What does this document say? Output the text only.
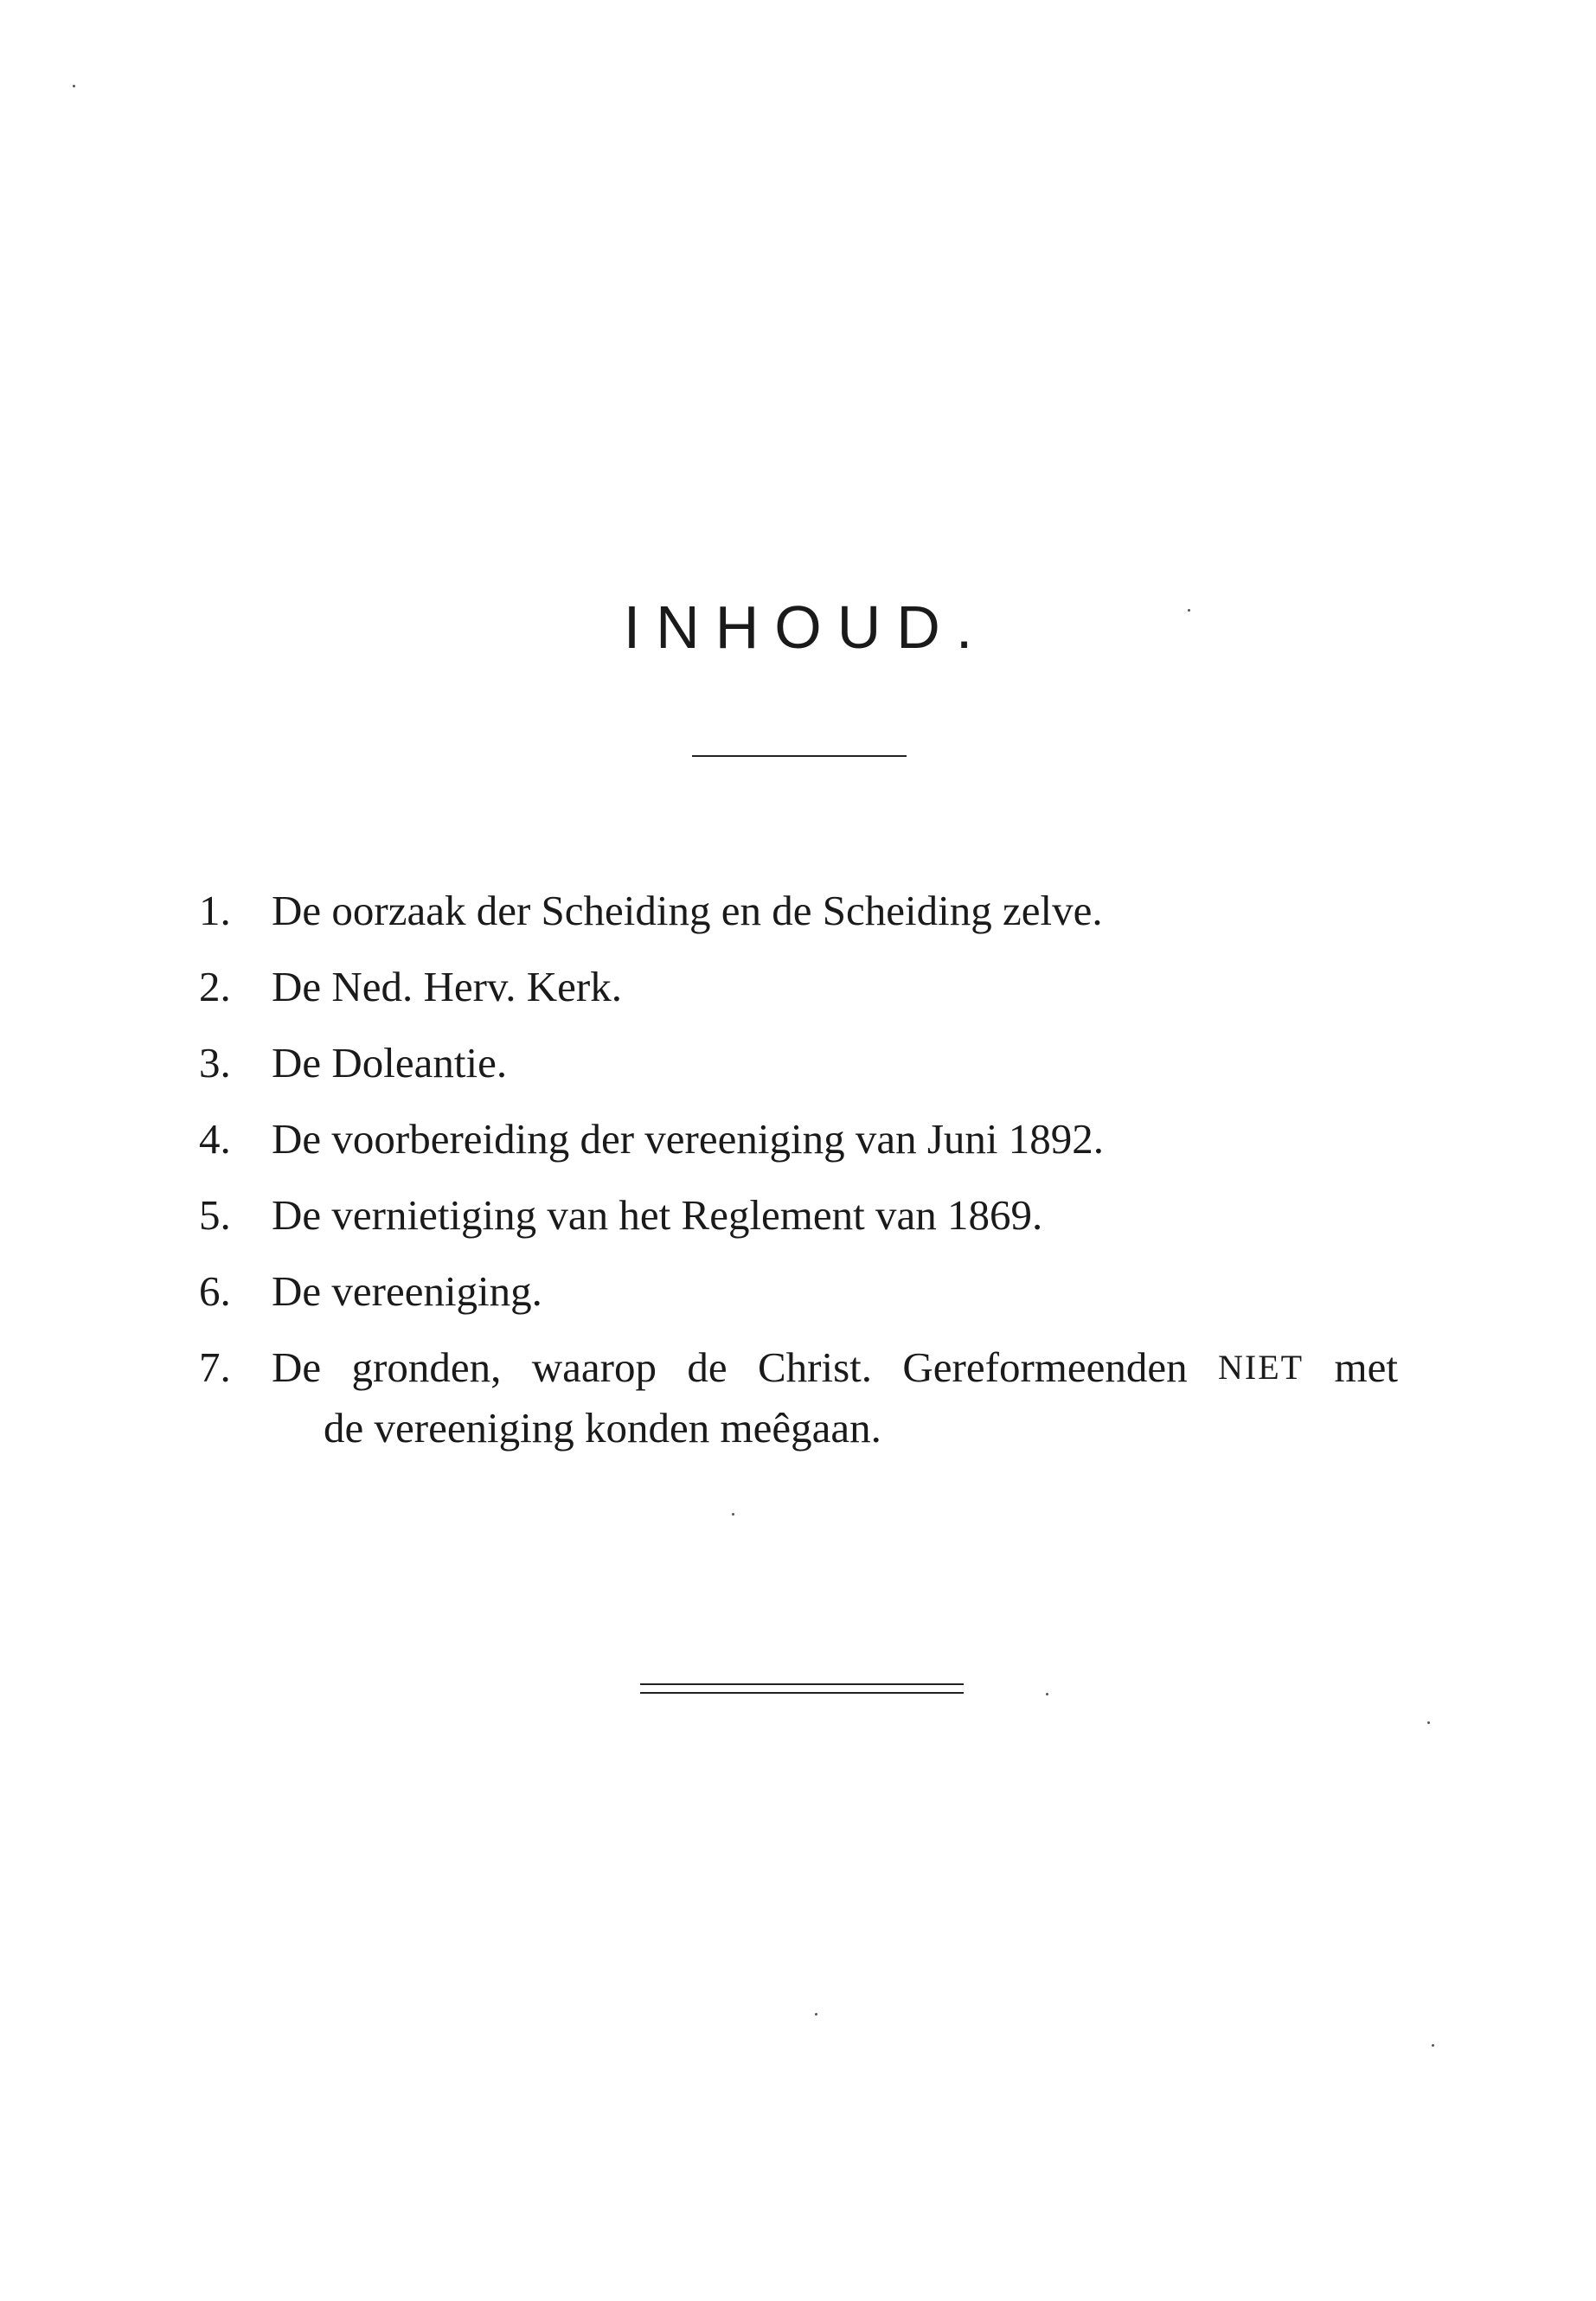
INHOUD.
1. De oorzaak der Scheiding en de Scheiding zelve.
2. De Ned. Herv. Kerk.
3. De Doleantie.
4. De voorbereiding der vereeniging van Juni 1892.
5. De vernietiging van het Reglement van 1869.
6. De vereeniging.
7. De gronden, waarop de Christ. Gereformeenden NIET met
de vereeniging konden meêgaan.
